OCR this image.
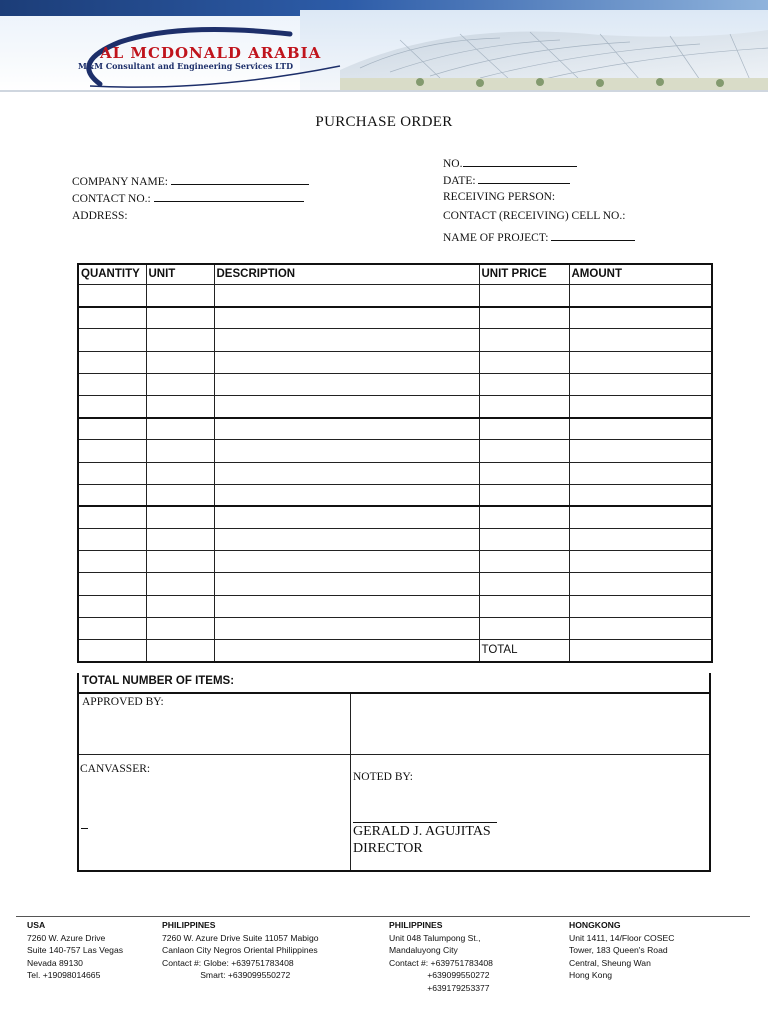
AL MCDONALD ARABIA
M&M Consultant and Engineering Services LTD
PURCHASE ORDER
COMPANY NAME:
CONTACT NO.:
ADDRESS:
NO.
DATE:
RECEIVING PERSON:
CONTACT (RECEIVING) CELL NO.:
NAME OF PROJECT:
QUANTITY	UNIT	DESCRIPTION	UNIT PRICE	AMOUNT

			TOTAL	
TOTAL NUMBER OF ITEMS:
APPROVED BY:
CANVASSER:
NOTED BY:
GERALD J. AGUJITAS
DIRECTOR
USA
7260 W. Azure Drive
Suite 140-757 Las Vegas
Nevada 89130
Tel. +19098014665
PHILIPPINES
7260 W. Azure Drive Suite 11057 Mabigo
Canlaon City Negros Oriental Philippines
Contact #: Globe: +639751783408
Smart: +639099550272
PHILIPPINES
Unit 048 Talumpong St.,
Mandaluyong City
Contact #: +639751783408
+639099550272
+639179253377
HONGKONG
Unit 1411, 14/Floor COSEC
Tower, 183 Queen's Road
Central, Sheung Wan
Hong Kong
